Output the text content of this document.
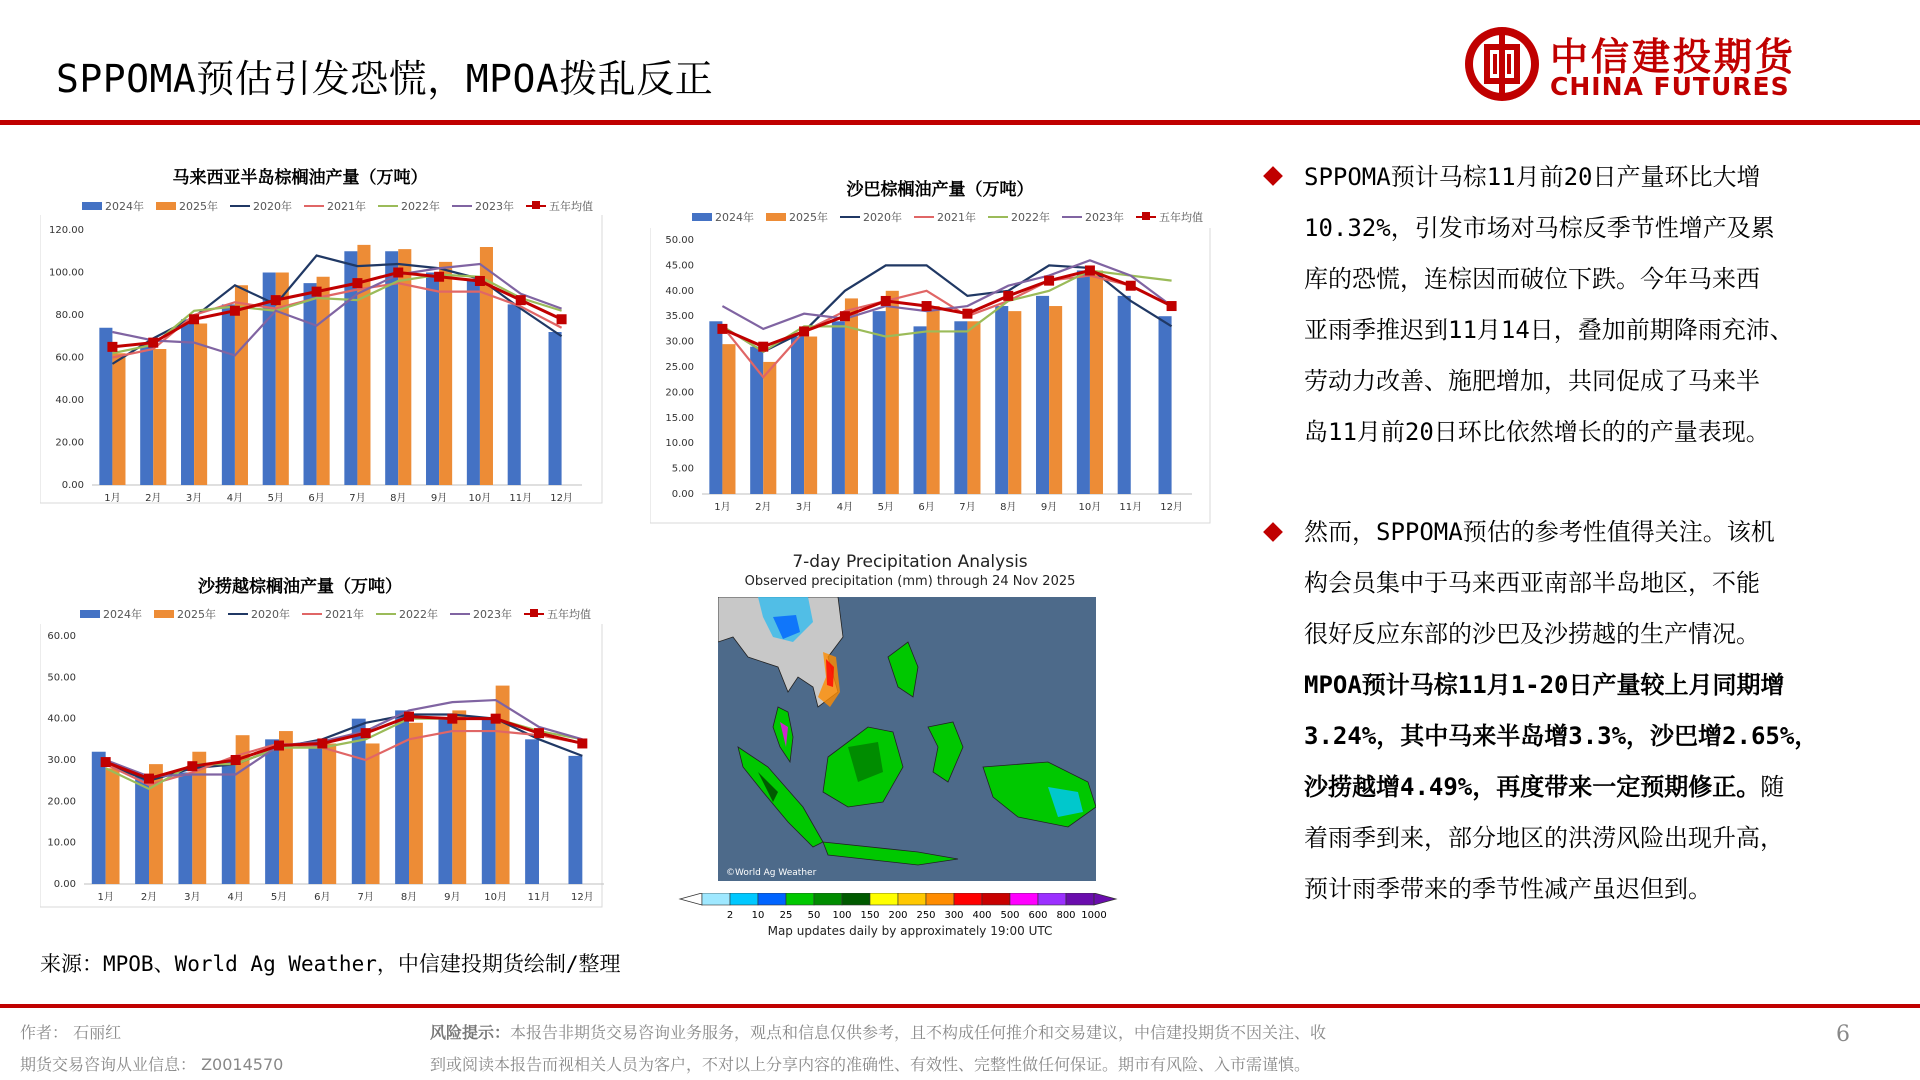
SPPOMA预估引发恐慌，MPOA拨乱反正	中信建投期货
CHINA FUTURES
马来西亚半岛棕榈油产量（万吨）
2024年	2025年	2020年	2021年	2022年	2023年	五年均值
0.00
20.00
40.00
60.00
80.00
100.00
120.00
1月 2月 3月 4月 5月 6月 7月 8月 9月 10月 11月 12月
沙巴棕榈油产量（万吨）
2024年	2025年	2020年	2021年	2022年	2023年	五年均值
0.00
5.00
10.00
15.00
20.00
25.00
30.00
35.00
40.00
45.00
50.00
1月 2月 3月 4月 5月 6月 7月 8月 9月 10月 11月 12月
沙捞越棕榈油产量（万吨）
2024年	2025年	2020年	2021年	2022年	2023年	五年均值
0.00
10.00
20.00
30.00
40.00
50.00
60.00
1月	2月	3月	4月	5月	6月	7月	8月	9月 10月 11月 12月
7-day Precipitation Analysis
Observed precipitation (mm) through 24 Nov 2025
©World Ag Weather
2 10 25 50 100 150 200 250 300 400 500 600 800 1000
Map updates daily by approximately 19:00 UTC
SPPOMA预计马棕11月前20日产量环比大增
10.32%，引发市场对马棕反季节性增产及累
库的恐慌，连棕因而破位下跌。今年马来西
亚雨季推迟到11月14日，叠加前期降雨充沛、
劳动力改善、施肥增加，共同促成了马来半
岛11月前20日环比依然增长的的产量表现。
然而，SPPOMA预估的参考性值得关注。该机
构会员集中于马来西亚南部半岛地区，不能
很好反应东部的沙巴及沙捞越的生产情况。
MPOA预计马棕11月1-20日产量较上月同期增
3.24%，其中马来半岛增3.3%，沙巴增2.65%，
沙捞越增4.49%，再度带来一定预期修正。随
着雨季到来，部分地区的洪涝风险出现升高，
预计雨季带来的季节性减产虽迟但到。
来源：MPOB、World Ag Weather，中信建投期货绘制/整理
作者： 石丽红
期货交易咨询从业信息： Z0014570
风险提示：本报告非期货交易咨询业务服务，观点和信息仅供参考，且不构成任何推介和交易建议，中信建投期货不因关注、收
到或阅读本报告而视相关人员为客户，不对以上分享内容的准确性、有效性、完整性做任何保证。期市有风险、入市需谨慎。
6
